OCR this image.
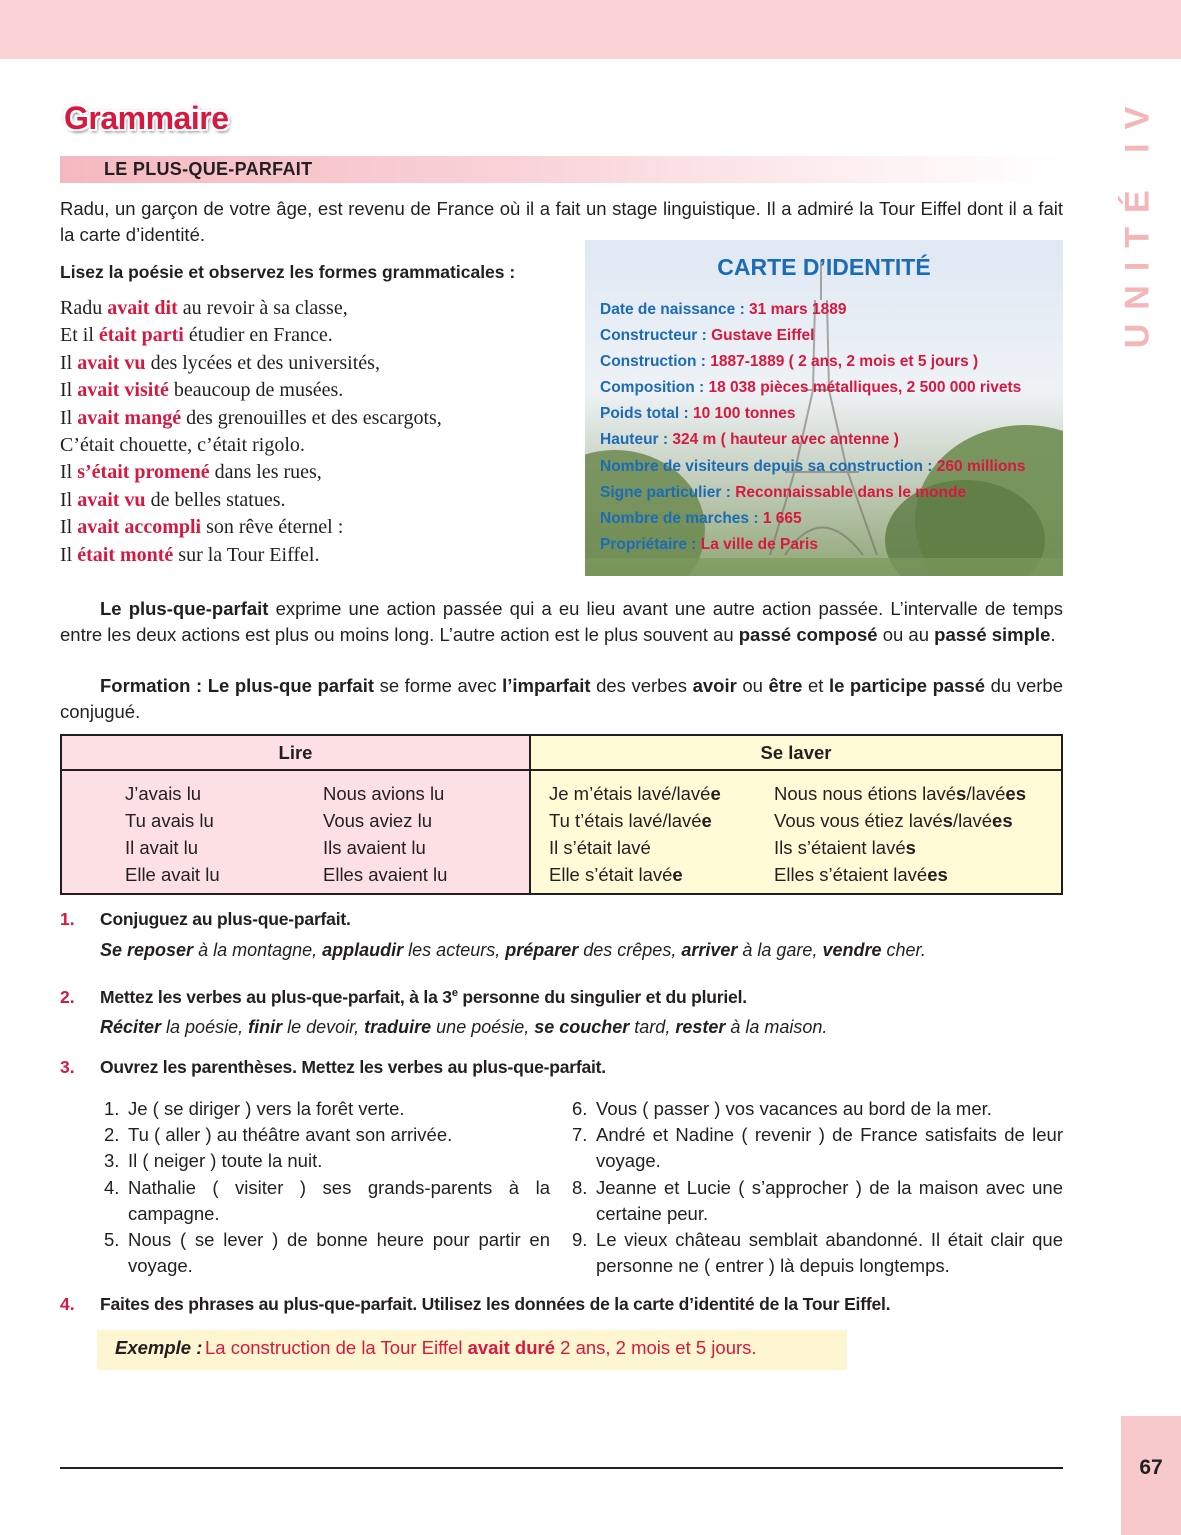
UNITÉ IV
Grammaire
LE PLUS-QUE-PARFAIT

Radu, un garçon de votre âge, est revenu de France où il a fait un stage linguistique. Il a admiré la Tour Eiffel dont il a fait la carte d’identité.

Lisez la poésie et observez les formes grammaticales :
Radu avait dit au revoir à sa classe,
Et il était parti étudier en France.
Il avait vu des lycées et des universités,
Il avait visité beaucoup de musées.
Il avait mangé des grenouilles et des escargots,
C’était chouette, c’était rigolo.
Il s’était promené dans les rues,
Il avait vu de belles statues.
Il avait accompli son rêve éternel :
Il était monté sur la Tour Eiffel.
CARTE D’IDENTITÉ
Date de naissance : 31 mars 1889
Constructeur : Gustave Eiffel
Construction : 1887-1889 ( 2 ans, 2 mois et 5 jours )
Composition : 18 038 pièces métalliques, 2 500 000 rivets
Poids total : 10 100 tonnes
Hauteur : 324 m ( hauteur avec antenne )
Nombre de visiteurs depuis sa construction : 260 millions
Signe particulier : Reconnaissable dans le monde
Nombre de marches : 1 665
Propriétaire : La ville de Paris

Le plus-que-parfait exprime une action passée qui a eu lieu avant une autre action passée. L’intervalle de temps entre les deux actions est plus ou moins long. L’autre action est le plus souvent au passé composé ou au passé simple.

Formation : Le plus-que parfait se forme avec l’imparfait des verbes avoir ou être et le participe passé du verbe conjugué.

Lire
J’avais lu
Tu avais lu
Il avait lu
Elle avait lu
Nous avions lu
Vous aviez lu
Ils avaient lu
Elles avaient lu
Se laver
Je m’étais lavé/lavée
Tu t’étais lavé/lavée
Il s’était lavé
Elle s’était lavée
Nous nous étions lavés/lavées
Vous vous étiez lavés/lavées
Ils s’étaient lavés
Elles s’étaient lavées
1. Conjuguez au plus-que-parfait.
Se reposer à la montagne, applaudir les acteurs, préparer des crêpes, arriver à la gare, vendre cher.
2. Mettez les verbes au plus-que-parfait, à la 3e personne du singulier et du pluriel.
Réciter la poésie, finir le devoir, traduire une poésie, se coucher tard, rester à la maison.
3. Ouvrez les parenthèses. Mettez les verbes au plus-que-parfait.
1. Je ( se diriger ) vers la forêt verte.
2. Tu ( aller ) au théâtre avant son arrivée.
3. Il ( neiger ) toute la nuit.
4. Nathalie ( visiter ) ses grands-parents à la campagne.
5. Nous ( se lever ) de bonne heure pour partir en voyage.
6. Vous ( passer ) vos vacances au bord de la mer.
7. André et Nadine ( revenir ) de France satisfaits de leur voyage.
8. Jeanne et Lucie ( s’approcher ) de la maison avec une certaine peur.
9. Le vieux château semblait abandonné. Il était clair que personne ne ( entrer ) là depuis longtemps.
4. Faites des phrases au plus-que-parfait. Utilisez les données de la carte d’identité de la Tour Eiffel.
Exemple : La construction de la Tour Eiffel avait duré 2 ans, 2 mois et 5 jours.
67
